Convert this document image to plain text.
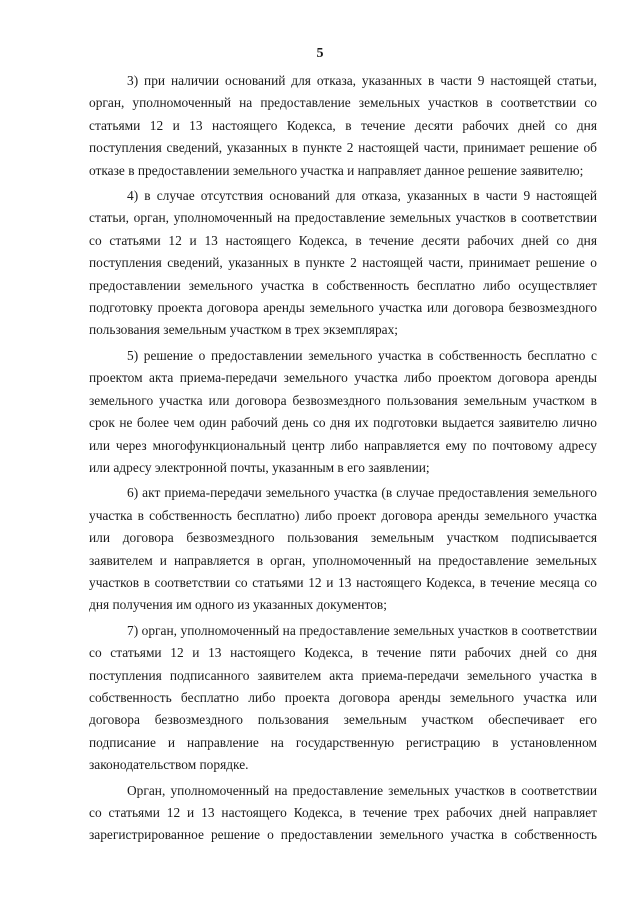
5

3) при наличии оснований для отказа, указанных в части 9 настоящей статьи, орган, уполномоченный на предоставление земельных участков в соответствии со статьями 12 и 13 настоящего Кодекса, в течение десяти рабочих дней со дня поступления сведений, указанных в пункте 2 настоящей части, принимает решение об отказе в предоставлении земельного участка и направляет данное решение заявителю;

4) в случае отсутствия оснований для отказа, указанных в части 9 настоящей статьи, орган, уполномоченный на предоставление земельных участков в соответствии со статьями 12 и 13 настоящего Кодекса, в течение десяти рабочих дней со дня поступления сведений, указанных в пункте 2 настоящей части, принимает решение о предоставлении земельного участка в собственность бесплатно либо осуществляет подготовку проекта договора аренды земельного участка или договора безвозмездного пользования земельным участком в трех экземплярах;

5) решение о предоставлении земельного участка в собственность бесплатно с проектом акта приема-передачи земельного участка либо проектом договора аренды земельного участка или договора безвозмездного пользования земельным участком в срок не более чем один рабочий день со дня их подготовки выдается заявителю лично или через многофункциональный центр либо направляется ему по почтовому адресу или адресу электронной почты, указанным в его заявлении;

6) акт приема-передачи земельного участка (в случае предоставления земельного участка в собственность бесплатно) либо проект договора аренды земельного участка или договора безвозмездного пользования земельным участком подписывается заявителем и направляется в орган, уполномоченный на предоставление земельных участков в соответствии со статьями 12 и 13 настоящего Кодекса, в течение месяца со дня получения им одного из указанных документов;

7) орган, уполномоченный на предоставление земельных участков в соответствии со статьями 12 и 13 настоящего Кодекса, в течение пяти рабочих дней со дня поступления подписанного заявителем акта приема-передачи земельного участка в собственность бесплатно либо проекта договора аренды земельного участка или договора безвозмездного пользования земельным участком обеспечивает его подписание и направление на государственную регистрацию в установленном законодательством порядке.

Орган, уполномоченный на предоставление земельных участков в соответствии со статьями 12 и 13 настоящего Кодекса, в течение трех рабочих дней направляет зарегистрированное решение о предоставлении земельного участка в собственность
